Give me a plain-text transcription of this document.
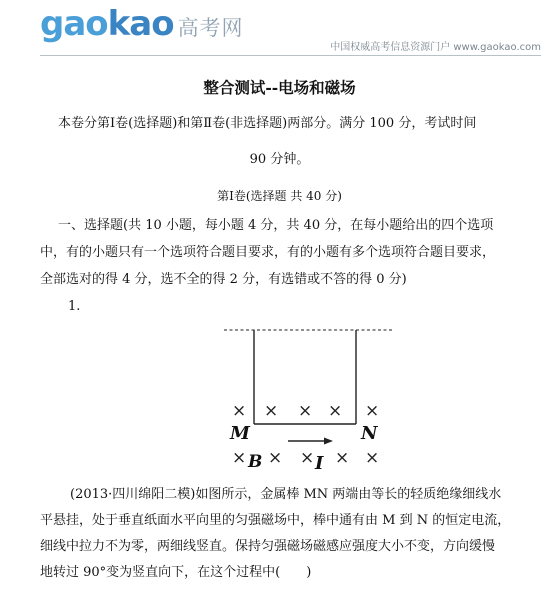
gaokao 高考网
中国权威高考信息资源门户 www.gaokao.com
整合测试--电场和磁场
本卷分第Ⅰ卷(选择题)和第Ⅱ卷(非选择题)两部分。满分 100 分，考试时间
90 分钟。
第Ⅰ卷(选择题 共 40 分)
一、选择题(共 10 小题，每小题 4 分，共 40 分，在每小题给出的四个选项
中，有的小题只有一个选项符合题目要求，有的小题有多个选项符合题目要求，
全部选对的得 4 分，选不全的得 2 分，有选错或不答的得 0 分)
1.
× × × × ×
× × × × ×
M	N
B	I
(2013·四川绵阳二模)如图所示，金属棒 MN 两端由等长的轻质绝缘细线水
平悬挂，处于垂直纸面水平向里的匀强磁场中，棒中通有由 M 到 N 的恒定电流，
细线中拉力不为零，两细线竖直。保持匀强磁场磁感应强度大小不变，方向缓慢
地转过 90°变为竖直向下，在这个过程中(　　)
